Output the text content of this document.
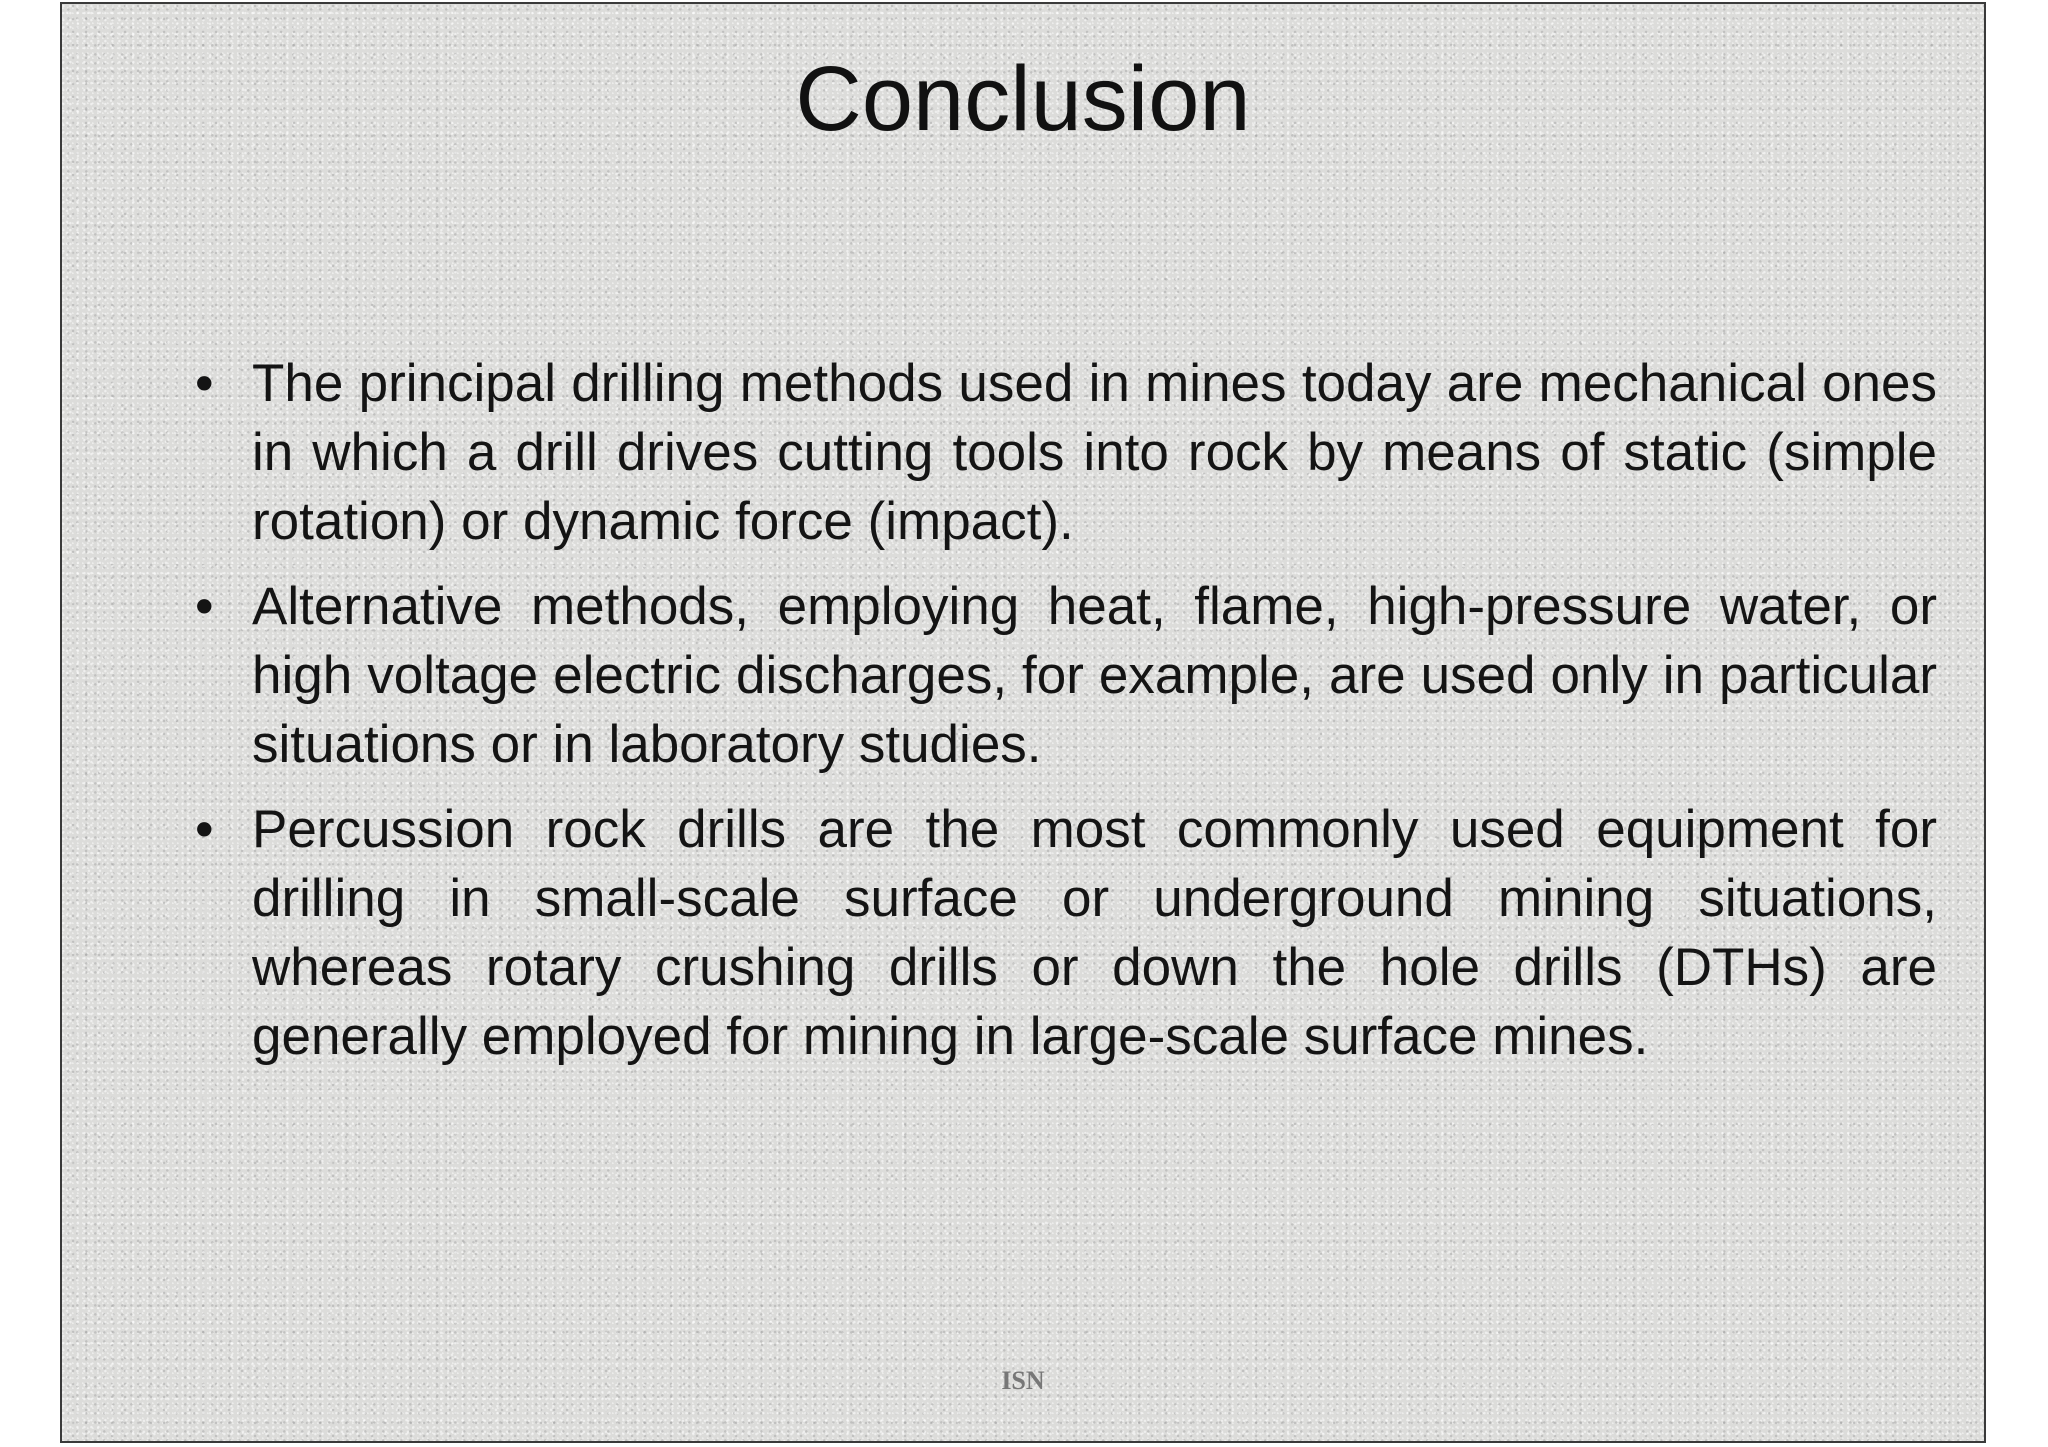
Conclusion
• The principal drilling methods used in mines today are mechanical ones in which a drill drives cutting tools into rock by means of static (simple rotation) or dynamic force (impact).
• Alternative methods, employing heat, flame, high-pressure water, or high voltage electric discharges, for example, are used only in particular situations or in laboratory studies.
• Percussion rock drills are the most commonly used equipment for drilling in small-scale surface or underground mining situations, whereas rotary crushing drills or down the hole drills (DTHs) are generally employed for mining in large-scale surface mines.
ISN
